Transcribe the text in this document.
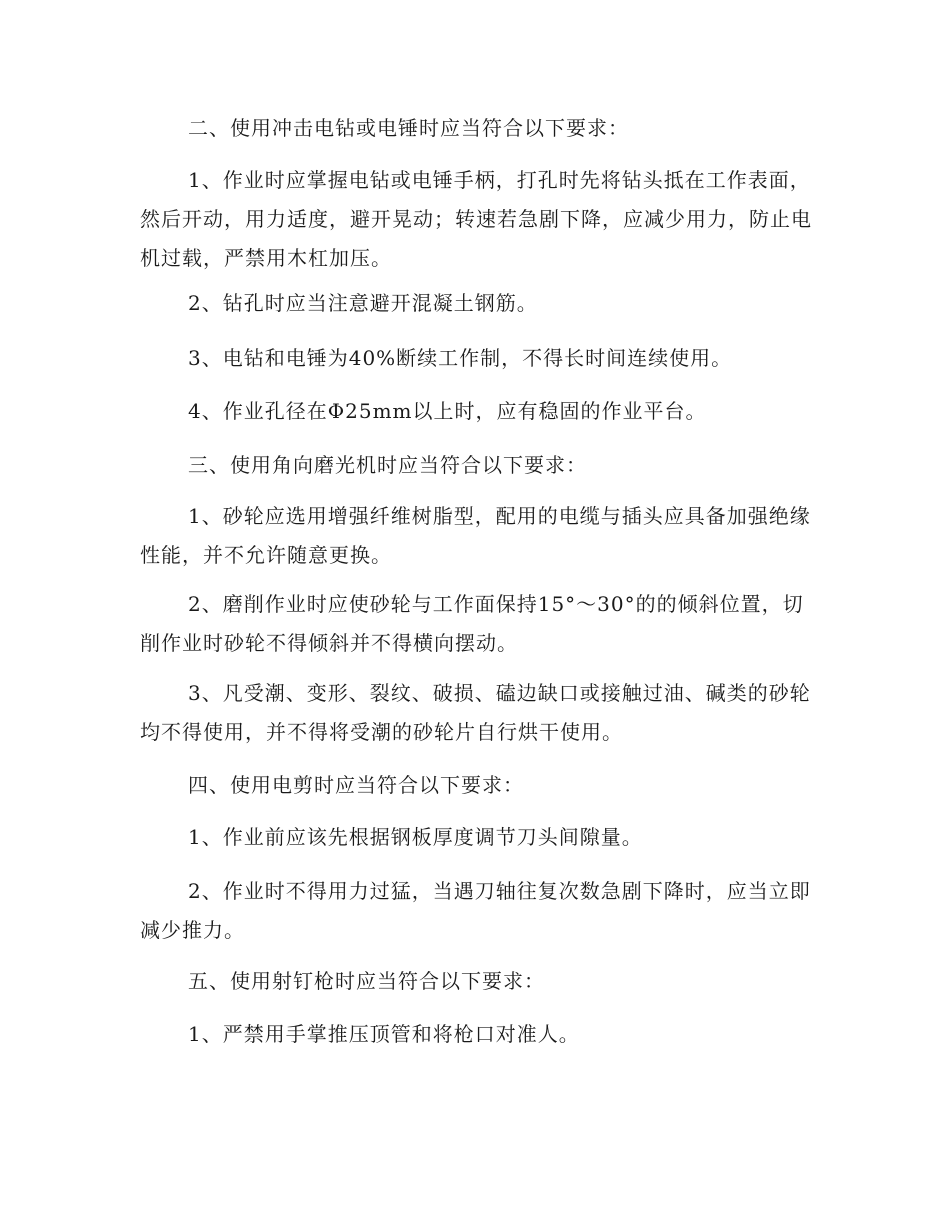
二、使用冲击电钻或电锤时应当符合以下要求：

1、作业时应掌握电钻或电锤手柄，打孔时先将钻头抵在工作表面，然后开动，用力适度，避开晃动；转速若急剧下降，应减少用力，防止电机过载，严禁用木杠加压。

2、钻孔时应当注意避开混凝土钢筋。

3、电钻和电锤为40%断续工作制，不得长时间连续使用。

4、作业孔径在Φ25mm以上时，应有稳固的作业平台。

三、使用角向磨光机时应当符合以下要求：

1、砂轮应选用增强纤维树脂型，配用的电缆与插头应具备加强绝缘性能，并不允许随意更换。

2、磨削作业时应使砂轮与工作面保持15°～30°的的倾斜位置，切削作业时砂轮不得倾斜并不得横向摆动。

3、凡受潮、变形、裂纹、破损、磕边缺口或接触过油、碱类的砂轮均不得使用，并不得将受潮的砂轮片自行烘干使用。

四、使用电剪时应当符合以下要求：

1、作业前应该先根据钢板厚度调节刀头间隙量。

2、作业时不得用力过猛，当遇刀轴往复次数急剧下降时，应当立即减少推力。

五、使用射钉枪时应当符合以下要求：

1、严禁用手掌推压顶管和将枪口对准人。
